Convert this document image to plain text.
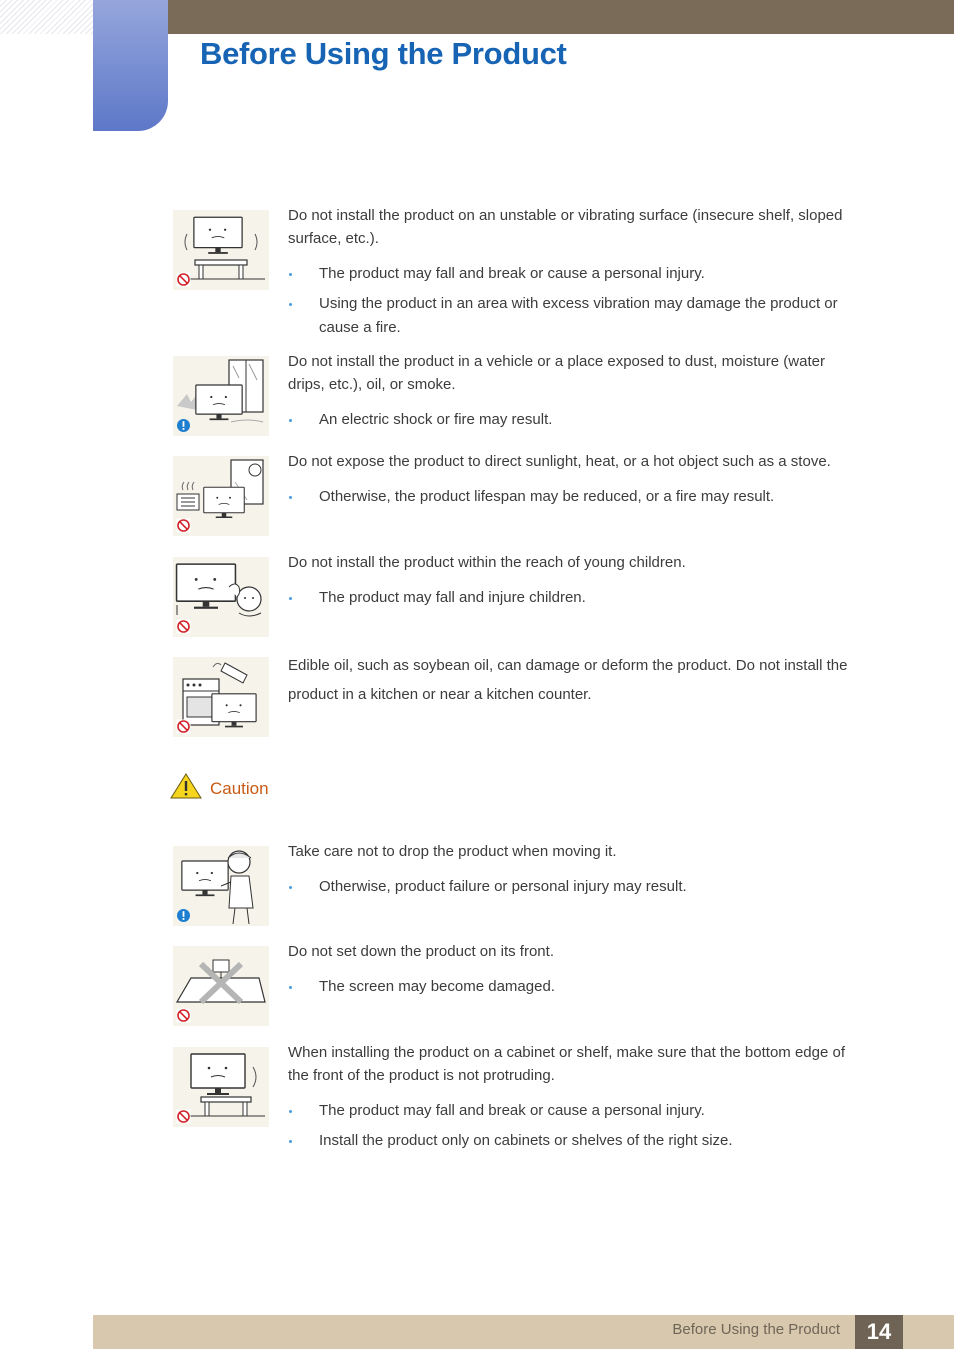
Before Using the Product

Do not install the product on an unstable or vibrating surface (insecure shelf, sloped surface, etc.).

The product may fall and break or cause a personal injury.
Using the product in an area with excess vibration may damage the product or cause a fire.

Do not install the product in a vehicle or a place exposed to dust, moisture (water drips, etc.), oil, or smoke.

An electric shock or fire may result.

Do not expose the product to direct sunlight, heat, or a hot object such as a stove.

Otherwise, the product lifespan may be reduced, or a fire may result.

Do not install the product within the reach of young children.

The product may fall and injure children.

Edible oil, such as soybean oil, can damage or deform the product. Do not install the product in a kitchen or near a kitchen counter.

Caution

Take care not to drop the product when moving it.

Otherwise, product failure or personal injury may result.

Do not set down the product on its front.

The screen may become damaged.

When installing the product on a cabinet or shelf, make sure that the bottom edge of the front of the product is not protruding.

The product may fall and break or cause a personal injury.
Install the product only on cabinets or shelves of the right size.
Before Using the Product	14
